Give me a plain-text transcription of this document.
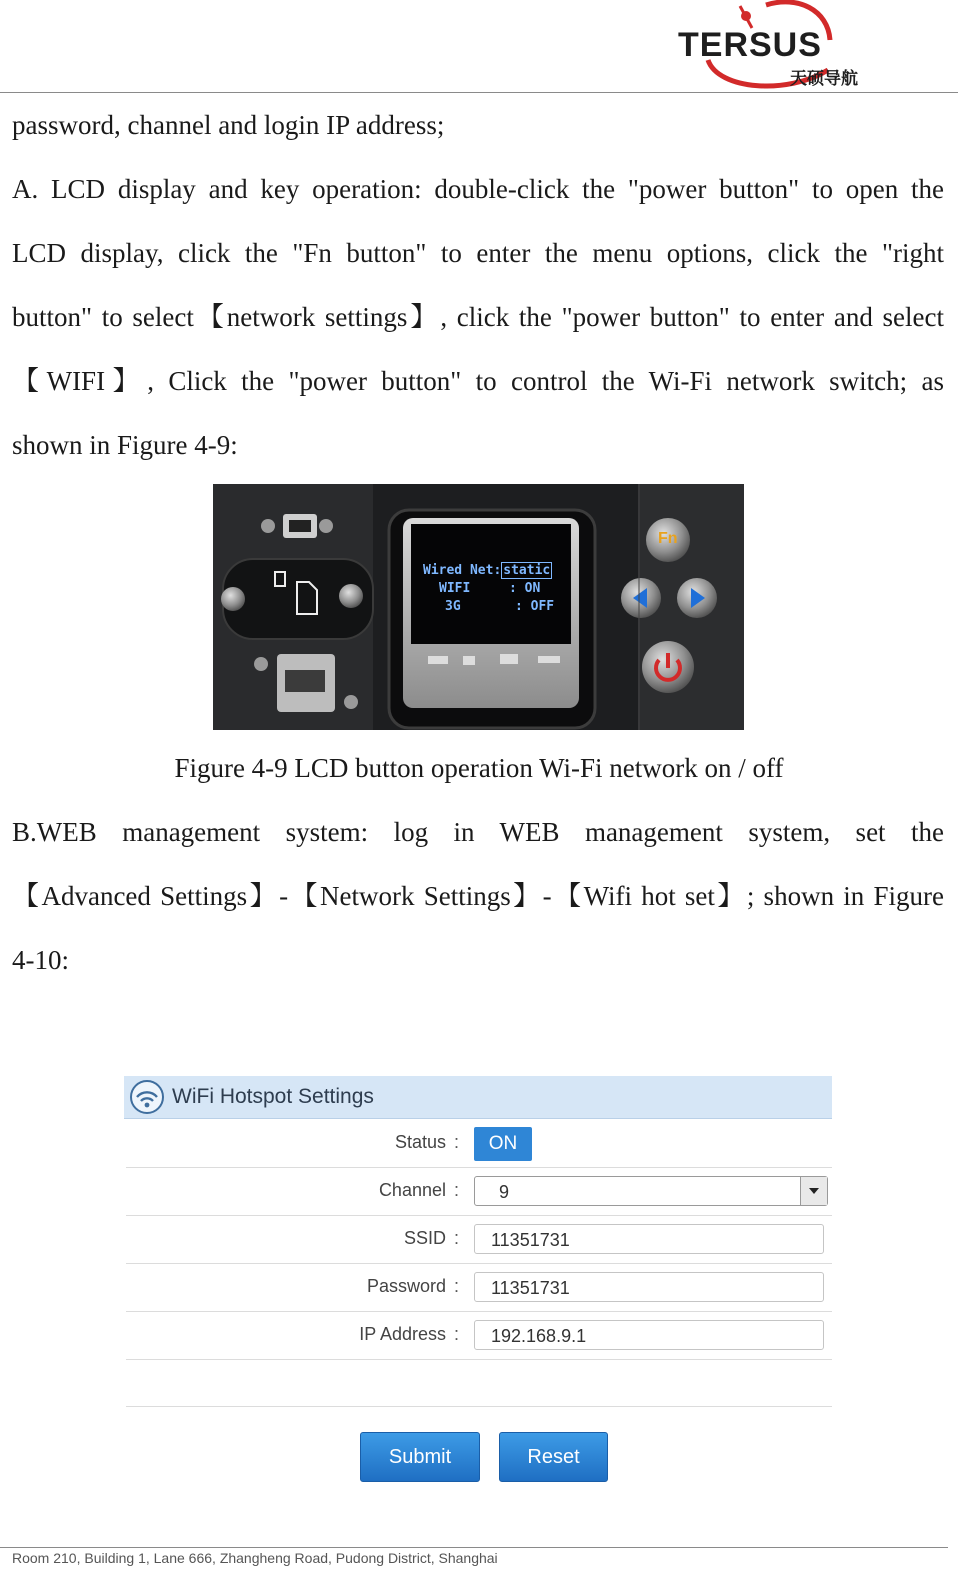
TERSUS
天硕导航

password, channel and login IP address;

A. LCD display and key operation: double-click the "power button" to open the

LCD display, click the "Fn button" to enter the menu options, click the "right

button" to select【network settings】, click the "power button" to enter and select

【WIFI】, Click the "power button" to control the Wi-Fi network switch; as

shown in Figure 4-9:

Wired Net: static
WIFI	: ON
3G	: OFF
Fn
Figure 4-9 LCD button operation Wi-Fi network on / off

B.WEB management system: log in WEB management system, set the

【Advanced Settings】-【Network Settings】-【Wifi hot set】; shown in Figure

4-10:

WiFi Hotspot Settings
Status :	ON
Channel :	9
SSID :	11351731
Password :	11351731
IP Address :	192.168.9.1
Submit	Reset
Room 210, Building 1, Lane 666, Zhangheng Road, Pudong District, Shanghai
